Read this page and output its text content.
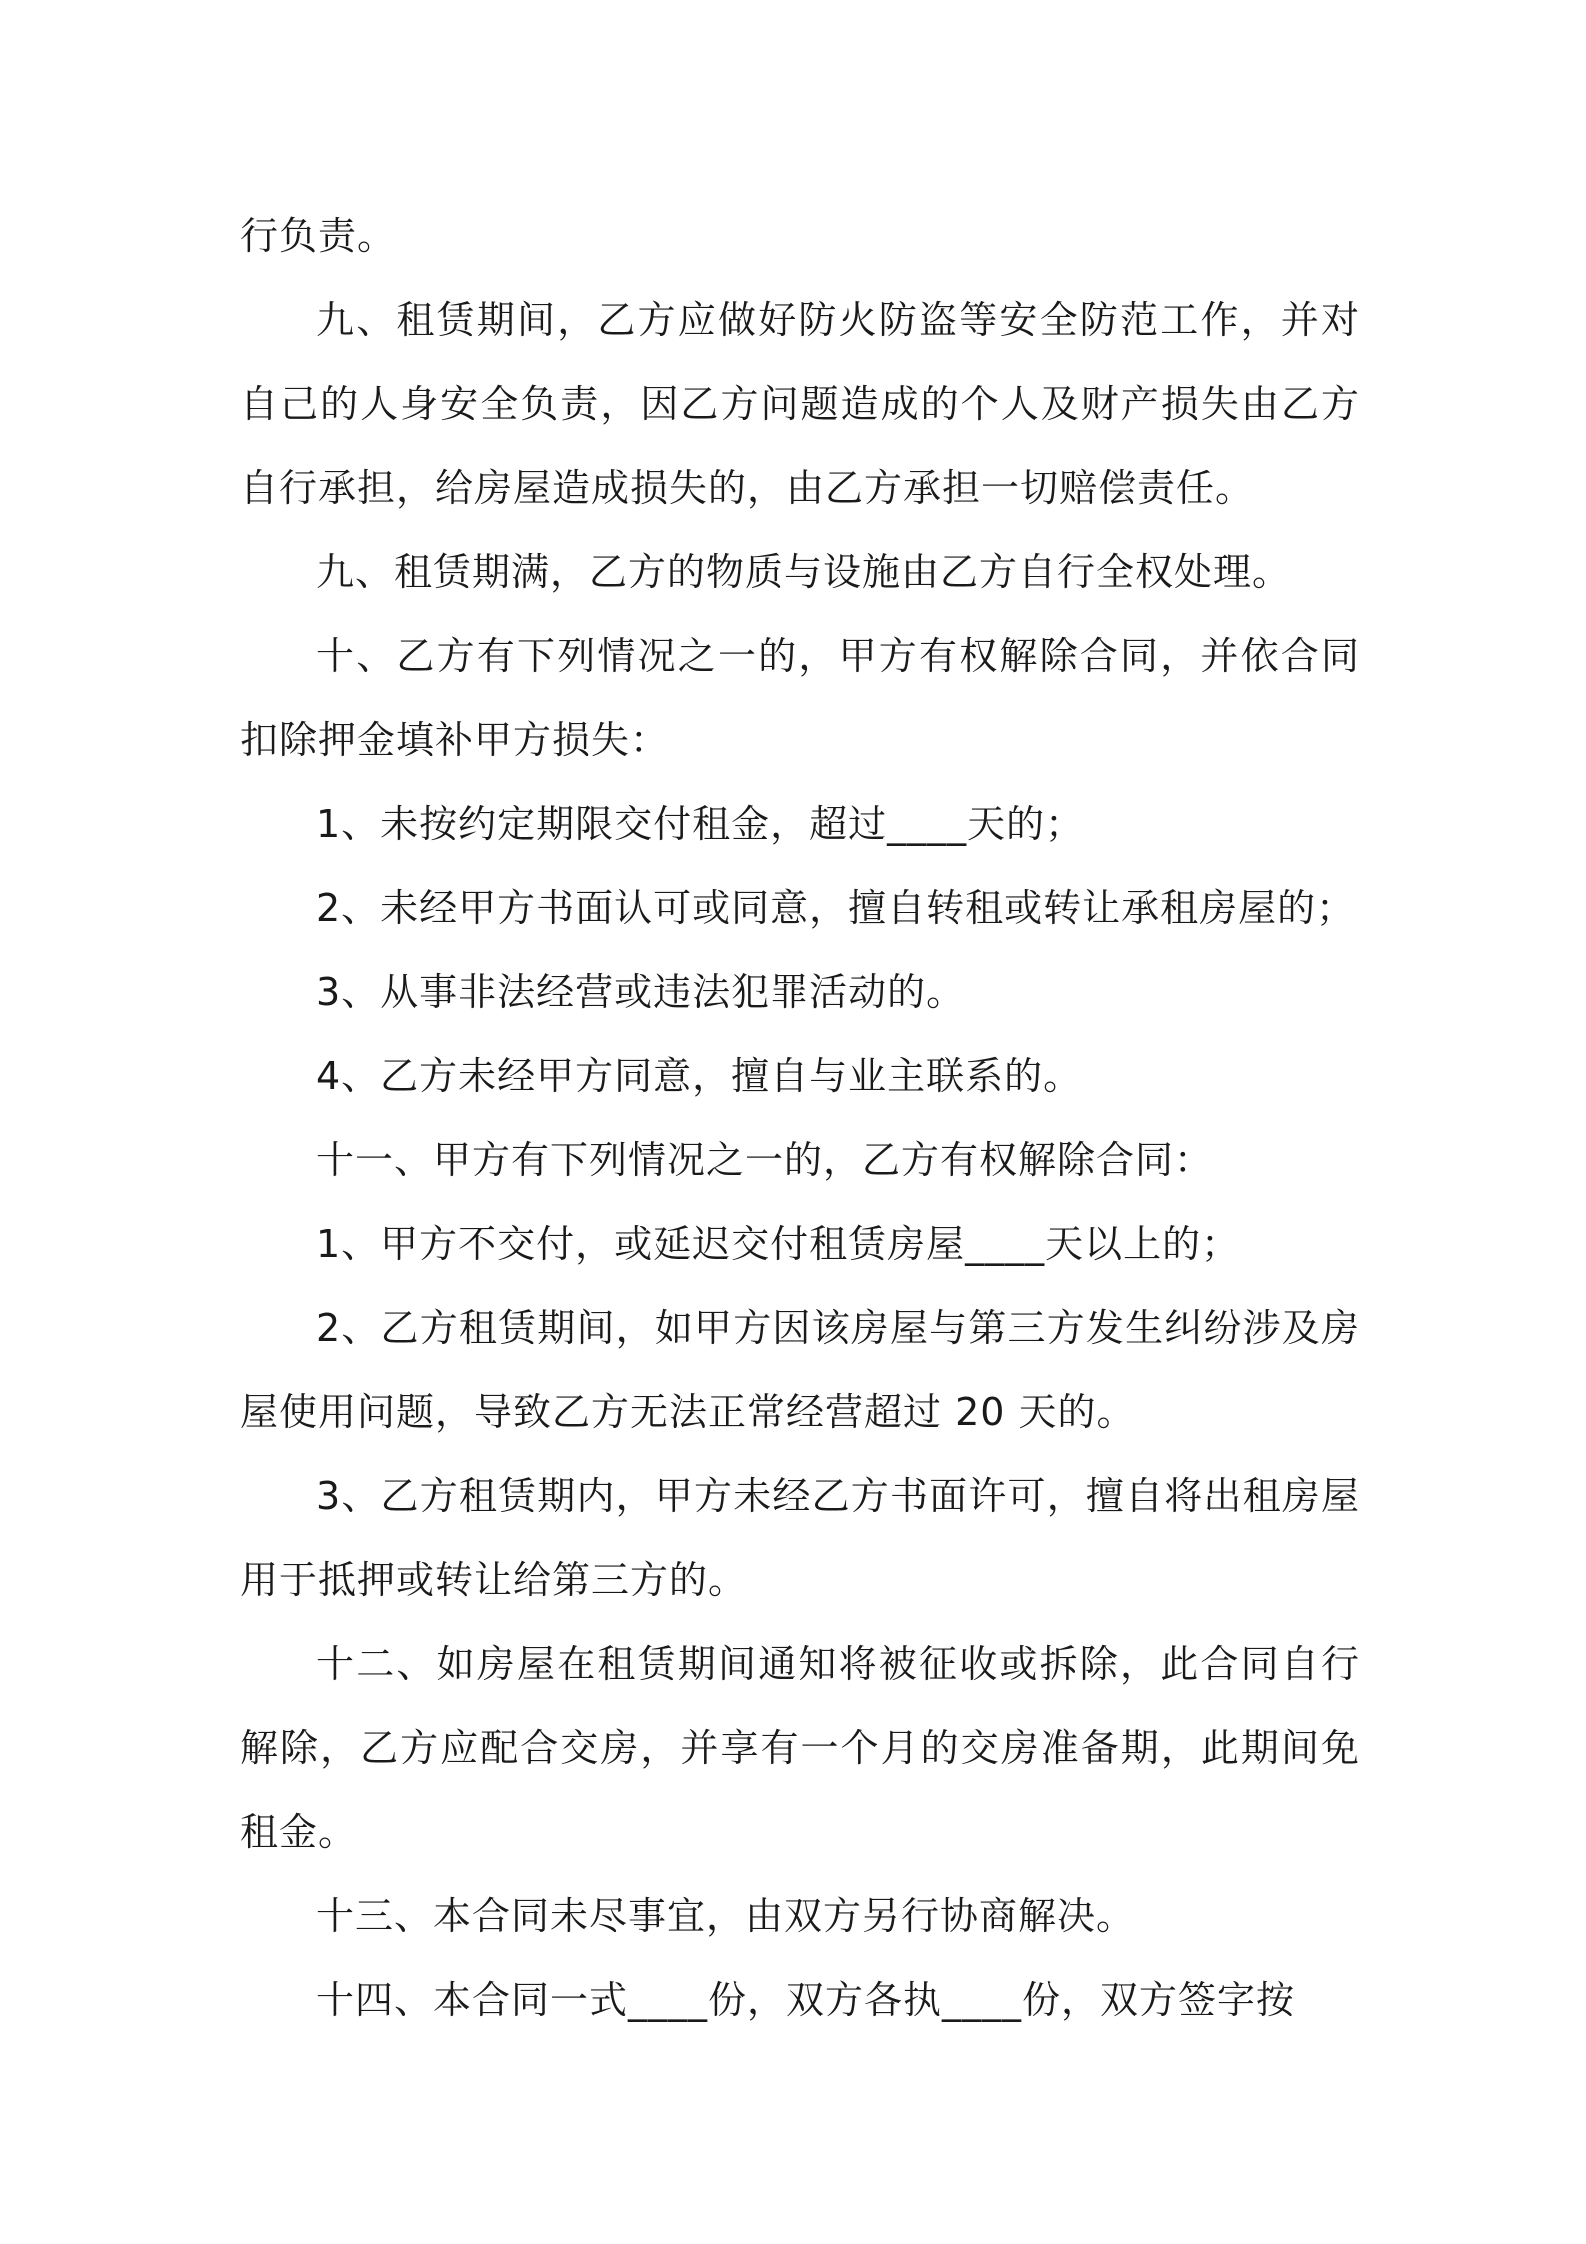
行负责。

九、租赁期间，乙方应做好防火防盗等安全防范工作，并对自己的人身安全负责，因乙方问题造成的个人及财产损失由乙方自行承担，给房屋造成损失的，由乙方承担一切赔偿责任。

九、租赁期满，乙方的物质与设施由乙方自行全权处理。

十、乙方有下列情况之一的，甲方有权解除合同，并依合同扣除押金填补甲方损失：

1、未按约定期限交付租金，超过____天的；

2、未经甲方书面认可或同意，擅自转租或转让承租房屋的；

3、从事非法经营或违法犯罪活动的。

4、乙方未经甲方同意，擅自与业主联系的。

十一、甲方有下列情况之一的，乙方有权解除合同：

1、甲方不交付，或延迟交付租赁房屋____天以上的；

2、乙方租赁期间，如甲方因该房屋与第三方发生纠纷涉及房屋使用问题，导致乙方无法正常经营超过 20 天的。

3、乙方租赁期内，甲方未经乙方书面许可，擅自将出租房屋用于抵押或转让给第三方的。

十二、如房屋在租赁期间通知将被征收或拆除，此合同自行解除，乙方应配合交房，并享有一个月的交房准备期，此期间免租金。

十三、本合同未尽事宜，由双方另行协商解决。

十四、本合同一式____份，双方各执____份，双方签字按
